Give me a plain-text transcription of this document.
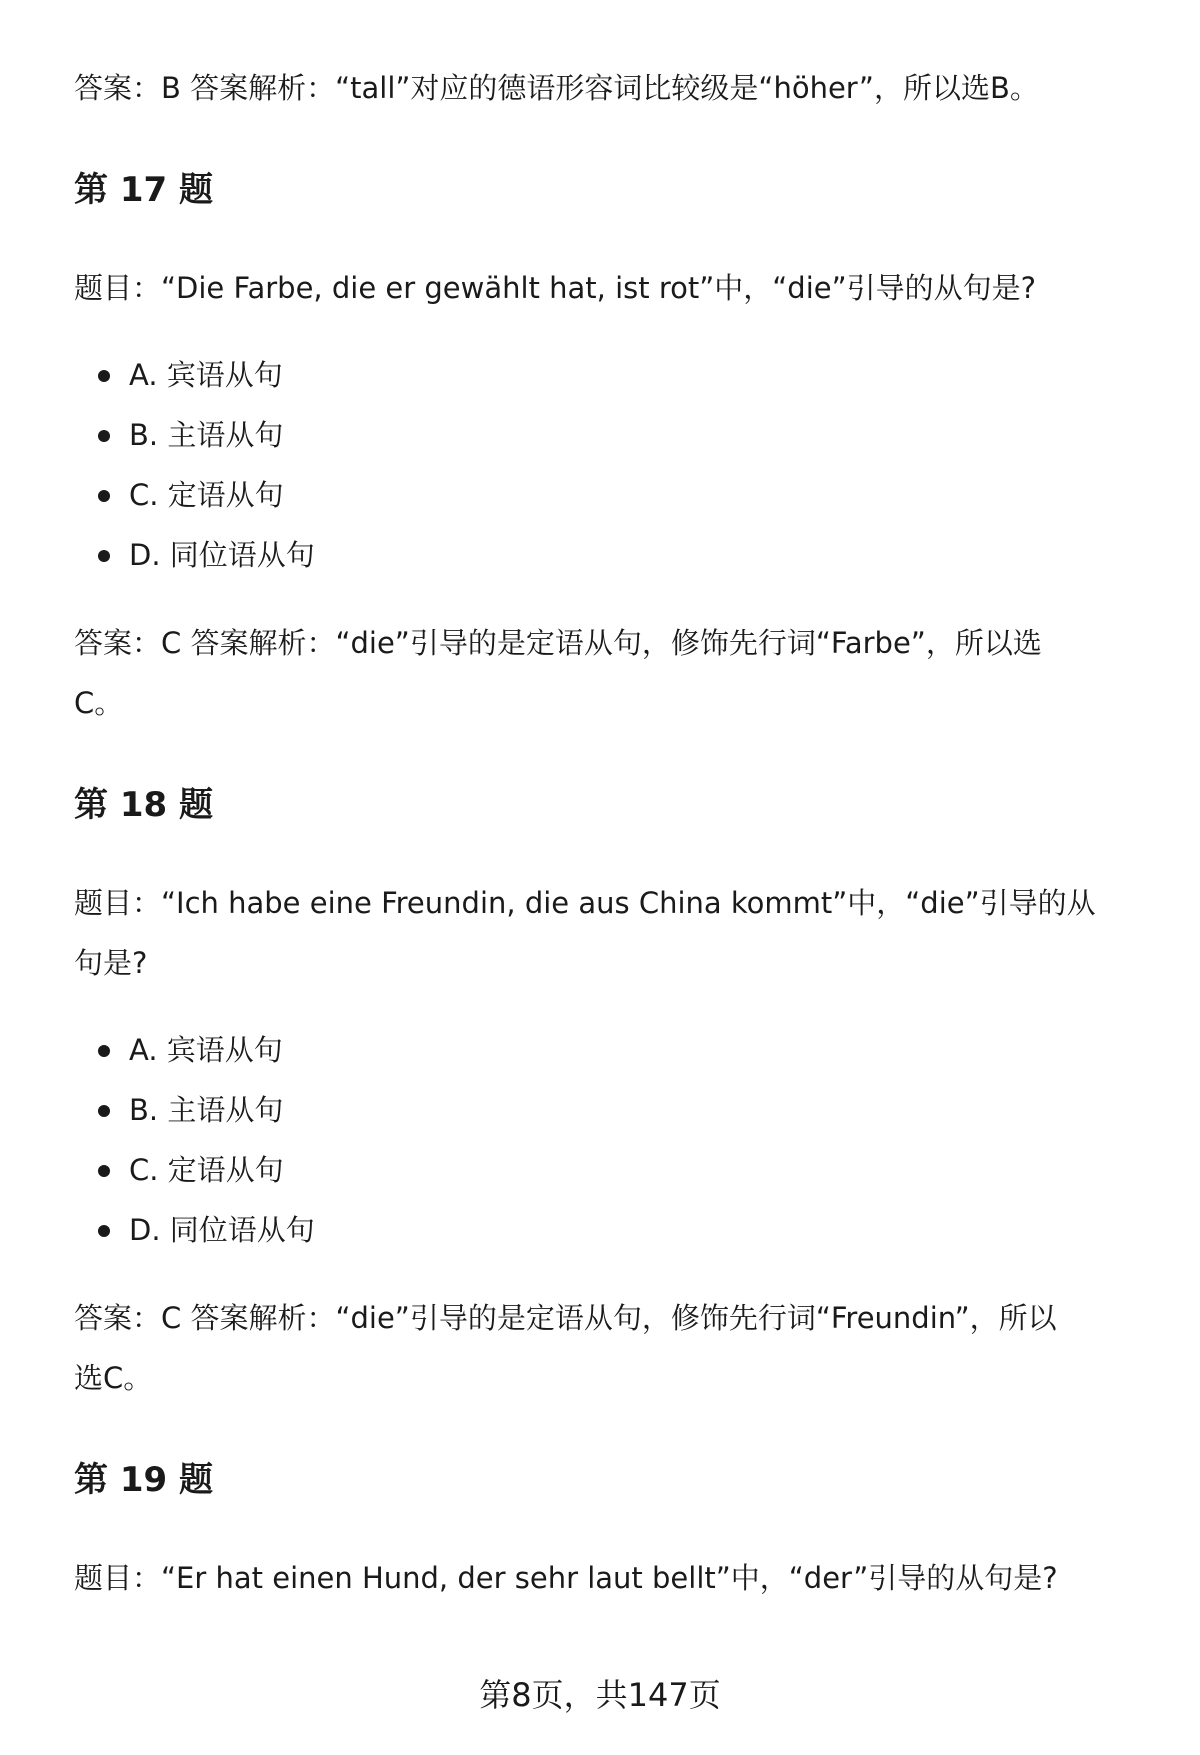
答案：B 答案解析：“tall”对应的德语形容词比较级是“höher”，所以选B。

第 17 题

题目：“Die Farbe, die er gewählt hat, ist rot”中，“die”引导的从句是?

A. 宾语从句
B. 主语从句
C. 定语从句
D. 同位语从句

答案：C 答案解析：“die”引导的是定语从句，修饰先行词“Farbe”，所以选

C。

第 18 题

题目：“Ich habe eine Freundin, die aus China kommt”中，“die”引导的从

句是?

A. 宾语从句
B. 主语从句
C. 定语从句
D. 同位语从句

答案：C 答案解析：“die”引导的是定语从句，修饰先行词“Freundin”，所以

选C。

第 19 题

题目：“Er hat einen Hund, der sehr laut bellt”中，“der”引导的从句是?

第8页，共147页
